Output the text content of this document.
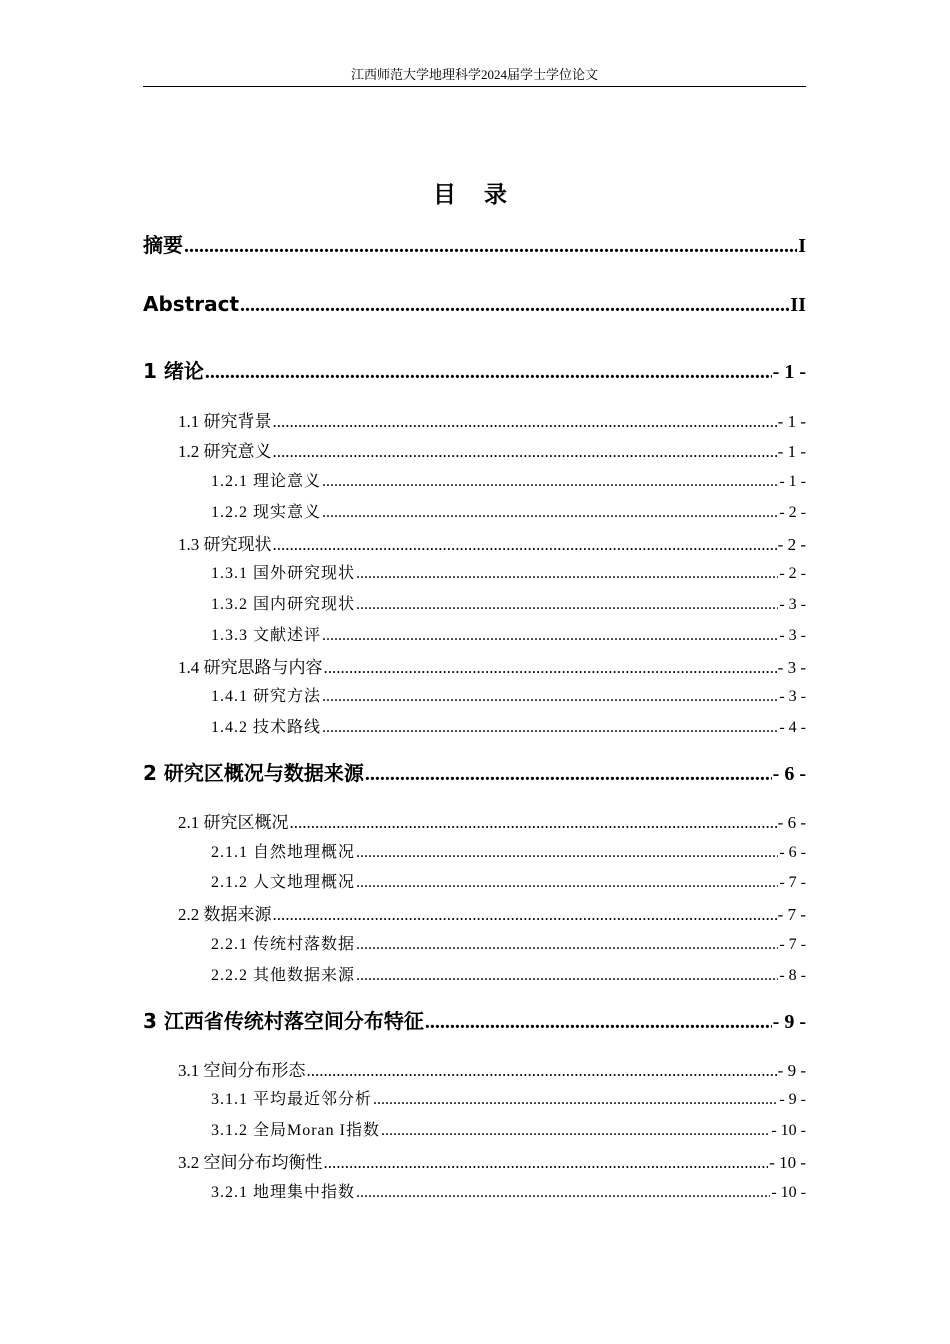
江西师范大学地理科学2024届学士学位论文
目 录
摘要 .....	I
Abstract .....	II
1 绪论 .....	- 1 -
1.1 研究背景 .....	- 1 -
1.2 研究意义 .....	- 1 -
1.2.1 理论意义 .....	- 1 -
1.2.2 现实意义 .....	- 2 -
1.3 研究现状 .....	- 2 -
1.3.1 国外研究现状 .....	- 2 -
1.3.2 国内研究现状 .....	- 3 -
1.3.3 文献述评 .....	- 3 -
1.4 研究思路与内容 .....	- 3 -
1.4.1 研究方法 .....	- 3 -
1.4.2 技术路线 .....	- 4 -
2 研究区概况与数据来源 .....	- 6 -
2.1 研究区概况 .....	- 6 -
2.1.1 自然地理概况 .....	- 6 -
2.1.2 人文地理概况 .....	- 7 -
2.2 数据来源 .....	- 7 -
2.2.1 传统村落数据 .....	- 7 -
2.2.2 其他数据来源 .....	- 8 -
3 江西省传统村落空间分布特征 .....	- 9 -
3.1 空间分布形态 .....	- 9 -
3.1.1 平均最近邻分析 .....	- 9 -
3.1.2 全局Moran I指数 .....	- 10 -
3.2 空间分布均衡性 .....	- 10 -
3.2.1 地理集中指数 .....	- 10 -
